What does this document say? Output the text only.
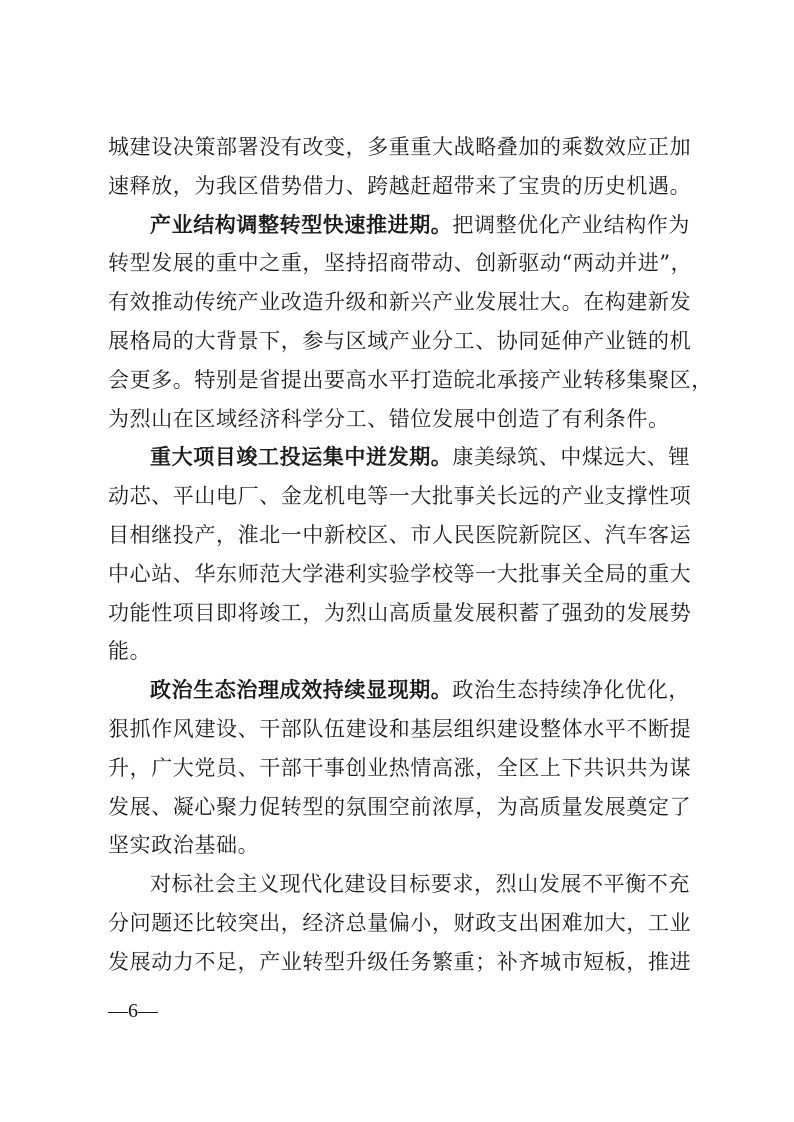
城建设决策部署没有改变，多重重大战略叠加的乘数效应正加
速释放，为我区借势借力、跨越赶超带来了宝贵的历史机遇。
产业结构调整转型快速推进期。把调整优化产业结构作为
转型发展的重中之重，坚持招商带动、创新驱动“两动并进”，
有效推动传统产业改造升级和新兴产业发展壮大。在构建新发
展格局的大背景下，参与区域产业分工、协同延伸产业链的机
会更多。特别是省提出要高水平打造皖北承接产业转移集聚区，
为烈山在区域经济科学分工、错位发展中创造了有利条件。
重大项目竣工投运集中迸发期。康美绿筑、中煤远大、锂
动芯、平山电厂、金龙机电等一大批事关长远的产业支撑性项
目相继投产，淮北一中新校区、市人民医院新院区、汽车客运
中心站、华东师范大学港利实验学校等一大批事关全局的重大
功能性项目即将竣工，为烈山高质量发展积蓄了强劲的发展势
能。
政治生态治理成效持续显现期。政治生态持续净化优化，
狠抓作风建设、干部队伍建设和基层组织建设整体水平不断提
升，广大党员、干部干事创业热情高涨，全区上下共识共为谋
发展、凝心聚力促转型的氛围空前浓厚，为高质量发展奠定了
坚实政治基础。
对标社会主义现代化建设目标要求，烈山发展不平衡不充
分问题还比较突出，经济总量偏小，财政支出困难加大，工业
发展动力不足，产业转型升级任务繁重；补齐城市短板，推进
—6—
